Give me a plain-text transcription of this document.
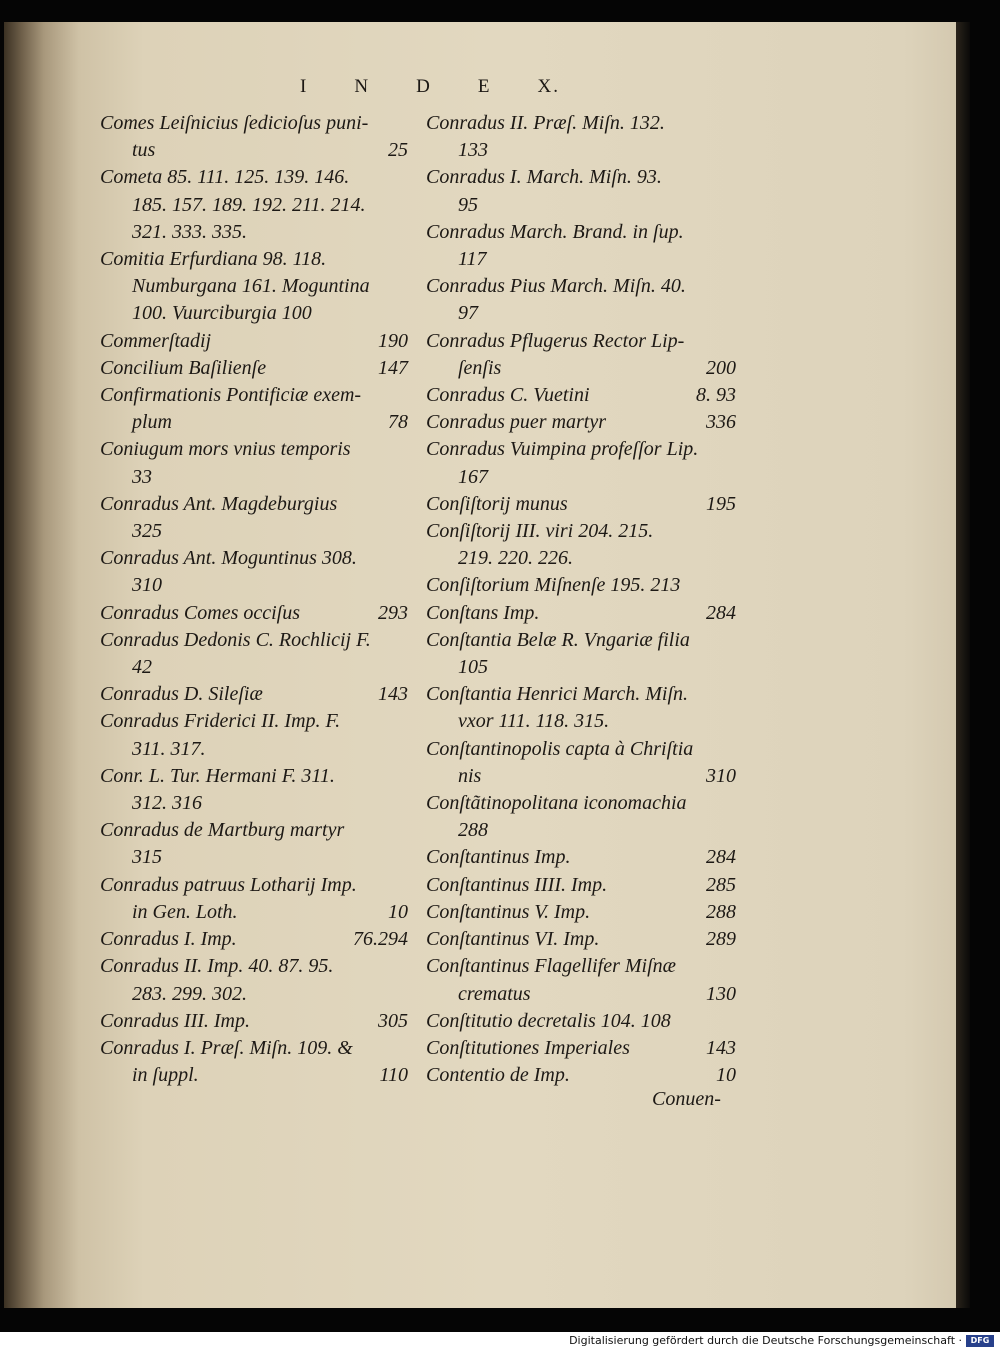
I N D E X.
Comes Leiſnicius ſedicioſus puni-
tus	25
Cometa 85. 111. 125. 139. 146.
185. 157. 189. 192. 211. 214.
321. 333. 335.
Comitia Erfurdiana 98. 118.
Numburgana 161. Moguntina
100. Vuurciburgia 100
Commerſtadij	190
Concilium Baſilienſe	147
Confirmationis Pontificiæ exem-
plum	78
Coniugum mors vnius temporis
33
Conradus Ant. Magdeburgius
325
Conradus Ant. Moguntinus 308.
310
Conradus Comes occiſus	293
Conradus Dedonis C. Rochlicij F.
42
Conradus D. Sileſiæ	143
Conradus Friderici II. Imp. F.
311. 317.
Conr. L. Tur. Hermani F. 311.
312. 316
Conradus de Martburg martyr
315
Conradus patruus Lotharij Imp.
in Gen. Loth.	10
Conradus I. Imp.	76.294
Conradus II. Imp. 40. 87. 95.
283. 299. 302.
Conradus III. Imp.	305
Conradus I. Præſ. Miſn. 109. &
in ſuppl.	110
Conradus II. Præſ. Miſn. 132.
133
Conradus I. March. Miſn. 93.
95
Conradus March. Brand. in ſup.
117
Conradus Pius March. Miſn. 40.
97
Conradus Pflugerus Rector Lip-
ſenſis	200
Conradus C. Vuetini	8. 93
Conradus puer martyr	336
Conradus Vuimpina profeſſor Lip.
167
Conſiſtorij munus	195
Conſiſtorij III. viri 204. 215.
219. 220. 226.
Conſiſtorium Miſnenſe 195. 213
Conſtans Imp.	284
Conſtantia Belæ R. Vngariæ filia
105
Conſtantia Henrici March. Miſn.
vxor 111. 118. 315.
Conſtantinopolis capta à Chriſtia
nis	310
Conſtãtinopolitana iconomachia
288
Conſtantinus Imp.	284
Conſtantinus IIII. Imp.	285
Conſtantinus V. Imp.	288
Conſtantinus VI. Imp.	289
Conſtantinus Flagellifer Miſnæ
crematus	130
Conſtitutio decretalis 104. 108
Conſtitutiones Imperiales	143
Contentio de Imp.	10
Conuen-
Digitalisierung gefördert durch die Deutsche Forschungsgemeinschaft ·	DFG
